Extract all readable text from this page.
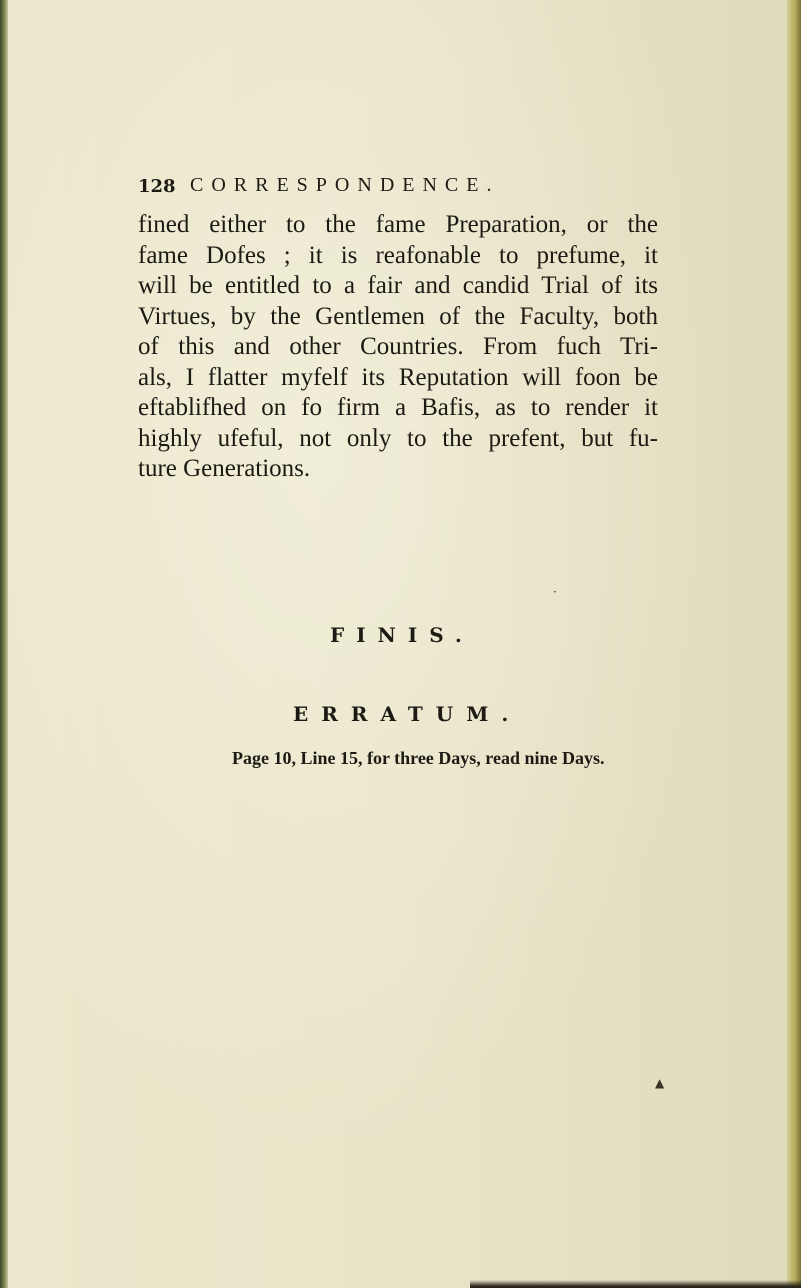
128 CORRESPONDENCE.
fined either to the fame Preparation, or the
fame Dofes ; it is reafonable to prefume, it
will be entitled to a fair and candid Trial of its
Virtues, by the Gentlemen of the Faculty, both
of this and other Countries. From fuch Tri-
als, I flatter myfelf its Reputation will foon be
eftablifhed on fo firm a Bafis, as to render it
highly ufeful, not only to the prefent, but fu-
ture Generations.
FINIS.
ERRATUM.
Page 10, Line 15, for three Days, read nine Days.
·
▲
